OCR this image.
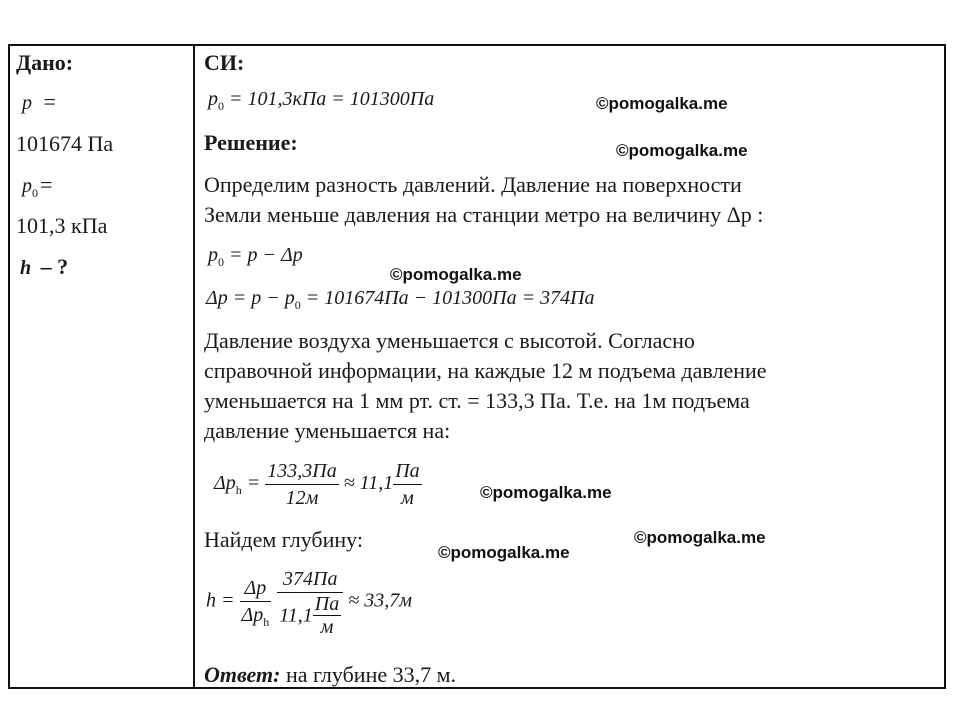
Дано:
p =
101674 Па
$p_0=$
101,3 кПа
h – ?
СИ:
$p_0 = 101,3кПа = 101300Па$
Решение:
Определим разность давлений. Давление на поверхности
Земли меньше давления на станции метро на величину Δp :
$p_0 = p - \Delta p$
$\Delta p = p - p_0 = 101674Па - 101300Па = 374Па$
Давление воздуха уменьшается с высотой. Согласно
справочной информации, на каждые 12 м подъема давление
уменьшается на 1 мм рт. ст. = 133,3 Па. Т.е. на 1м подъема
давление уменьшается на:
$\Delta p_h = \frac{133,3Па}{12м} \approx 11,1 \frac{Па}{м}$
Найдем глубину:
$h = \frac{\Delta p}{\Delta p_h} \frac{374Па}{11,1 \frac{Па}{м}} \approx 33,7м$
Ответ: на глубине 33,7 м.
©pomogalka.me
©pomogalka.me
©pomogalka.me
©pomogalka.me
©pomogalka.me
©pomogalka.me
